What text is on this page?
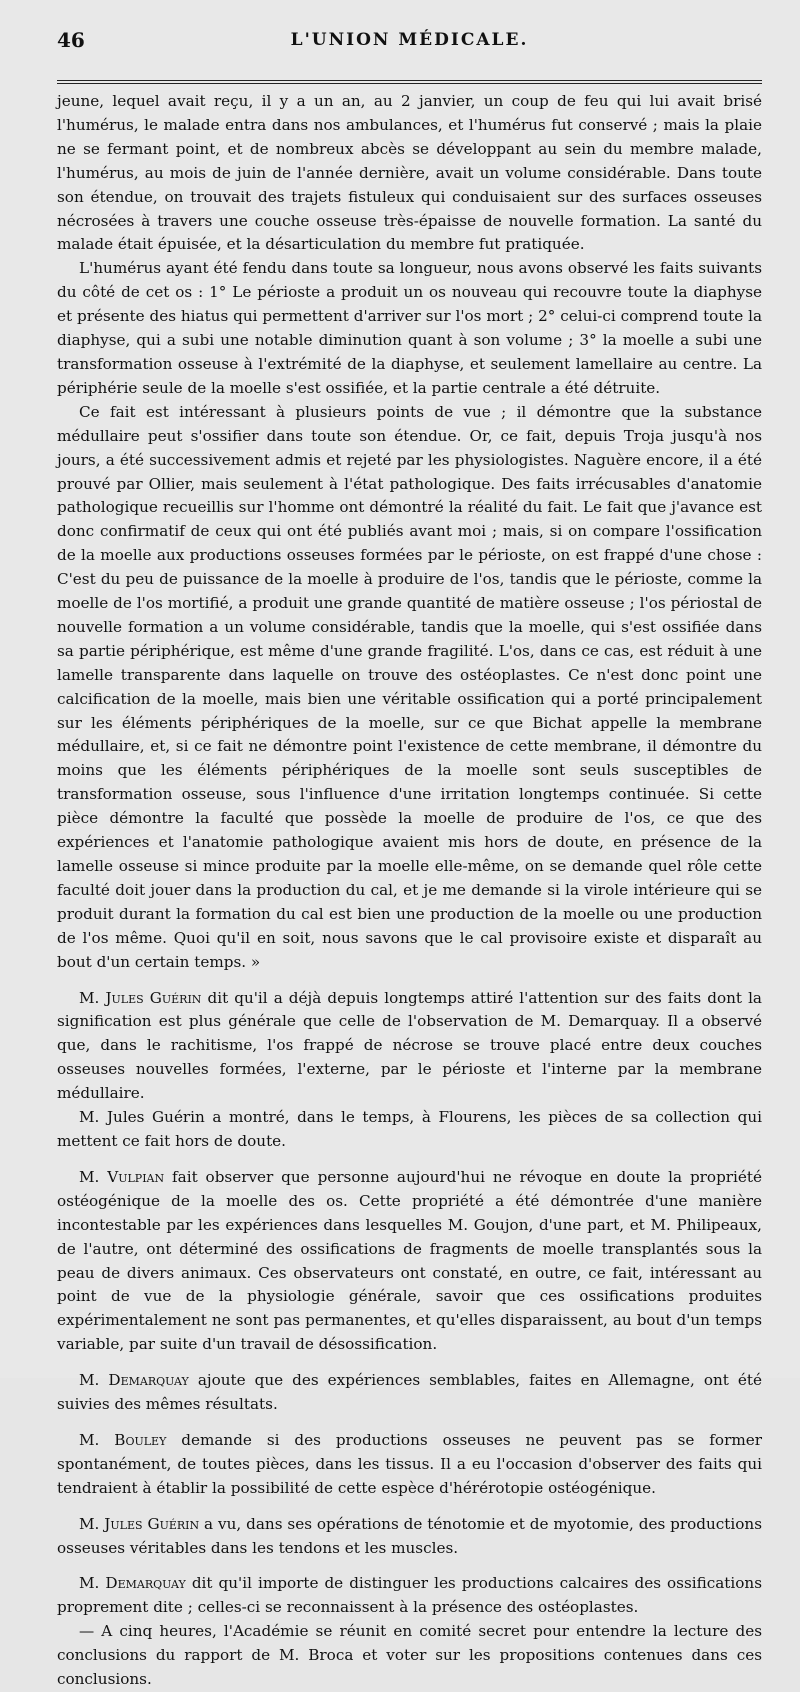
46	L'UNION MÉDICALE.

jeune, lequel avait reçu, il y a un an, au 2 janvier, un coup de feu qui lui avait brisé l'humérus, le malade entra dans nos ambulances, et l'humérus fut conservé ; mais la plaie ne se fermant point, et de nombreux abcès se développant au sein du membre malade, l'humérus, au mois de juin de l'année dernière, avait un volume considérable. Dans toute son étendue, on trouvait des trajets fistuleux qui conduisaient sur des surfaces osseuses nécrosées à travers une couche osseuse très-épaisse de nouvelle formation. La santé du malade était épuisée, et la désarticulation du membre fut pratiquée.

L'humérus ayant été fendu dans toute sa longueur, nous avons observé les faits suivants du côté de cet os : 1° Le périoste a produit un os nouveau qui recouvre toute la diaphyse et présente des hiatus qui permettent d'arriver sur l'os mort ; 2° celui-ci comprend toute la diaphyse, qui a subi une notable diminution quant à son volume ; 3° la moelle a subi une transformation osseuse à l'extrémité de la diaphyse, et seulement lamellaire au centre. La périphérie seule de la moelle s'est ossifiée, et la partie centrale a été détruite.

Ce fait est intéressant à plusieurs points de vue ; il démontre que la substance médullaire peut s'ossifier dans toute son étendue. Or, ce fait, depuis Troja jusqu'à nos jours, a été successivement admis et rejeté par les physiologistes. Naguère encore, il a été prouvé par Ollier, mais seulement à l'état pathologique. Des faits irrécusables d'anatomie pathologique recueillis sur l'homme ont démontré la réalité du fait. Le fait que j'avance est donc confirmatif de ceux qui ont été publiés avant moi ; mais, si on compare l'ossification de la moelle aux productions osseuses formées par le périoste, on est frappé d'une chose : C'est du peu de puissance de la moelle à produire de l'os, tandis que le périoste, comme la moelle de l'os mortifié, a produit une grande quantité de matière osseuse ; l'os périostal de nouvelle formation a un volume considérable, tandis que la moelle, qui s'est ossifiée dans sa partie périphérique, est même d'une grande fragilité. L'os, dans ce cas, est réduit à une lamelle transparente dans laquelle on trouve des ostéoplastes. Ce n'est donc point une calcification de la moelle, mais bien une véritable ossification qui a porté principalement sur les éléments périphériques de la moelle, sur ce que Bichat appelle la membrane médullaire, et, si ce fait ne démontre point l'existence de cette membrane, il démontre du moins que les éléments périphériques de la moelle sont seuls susceptibles de transformation osseuse, sous l'influence d'une irritation longtemps continuée. Si cette pièce démontre la faculté que possède la moelle de produire de l'os, ce que des expériences et l'anatomie pathologique avaient mis hors de doute, en présence de la lamelle osseuse si mince produite par la moelle elle-même, on se demande quel rôle cette faculté doit jouer dans la production du cal, et je me demande si la virole intérieure qui se produit durant la formation du cal est bien une production de la moelle ou une production de l'os même. Quoi qu'il en soit, nous savons que le cal provisoire existe et disparaît au bout d'un certain temps. »

M. Jules Guérin dit qu'il a déjà depuis longtemps attiré l'attention sur des faits dont la signification est plus générale que celle de l'observation de M. Demarquay. Il a observé que, dans le rachitisme, l'os frappé de nécrose se trouve placé entre deux couches osseuses nouvelles formées, l'externe, par le périoste et l'interne par la membrane médullaire.

M. Jules Guérin a montré, dans le temps, à Flourens, les pièces de sa collection qui mettent ce fait hors de doute.

M. Vulpian fait observer que personne aujourd'hui ne révoque en doute la propriété ostéogénique de la moelle des os. Cette propriété a été démontrée d'une manière incontestable par les expériences dans lesquelles M. Goujon, d'une part, et M. Philipeaux, de l'autre, ont déterminé des ossifications de fragments de moelle transplantés sous la peau de divers animaux. Ces observateurs ont constaté, en outre, ce fait, intéressant au point de vue de la physiologie générale, savoir que ces ossifications produites expérimentalement ne sont pas permanentes, et qu'elles disparaissent, au bout d'un temps variable, par suite d'un travail de désossification.

M. Demarquay ajoute que des expériences semblables, faites en Allemagne, ont été suivies des mêmes résultats.

M. Bouley demande si des productions osseuses ne peuvent pas se former spontanément, de toutes pièces, dans les tissus. Il a eu l'occasion d'observer des faits qui tendraient à établir la possibilité de cette espèce d'hérérotopie ostéogénique.

M. Jules Guérin a vu, dans ses opérations de ténotomie et de myotomie, des productions osseuses véritables dans les tendons et les muscles.

M. Demarquay dit qu'il importe de distinguer les productions calcaires des ossifications proprement dite ; celles-ci se reconnaissent à la présence des ostéoplastes.

— A cinq heures, l'Académie se réunit en comité secret pour entendre la lecture des conclusions du rapport de M. Broca et voter sur les propositions contenues dans ces conclusions.
